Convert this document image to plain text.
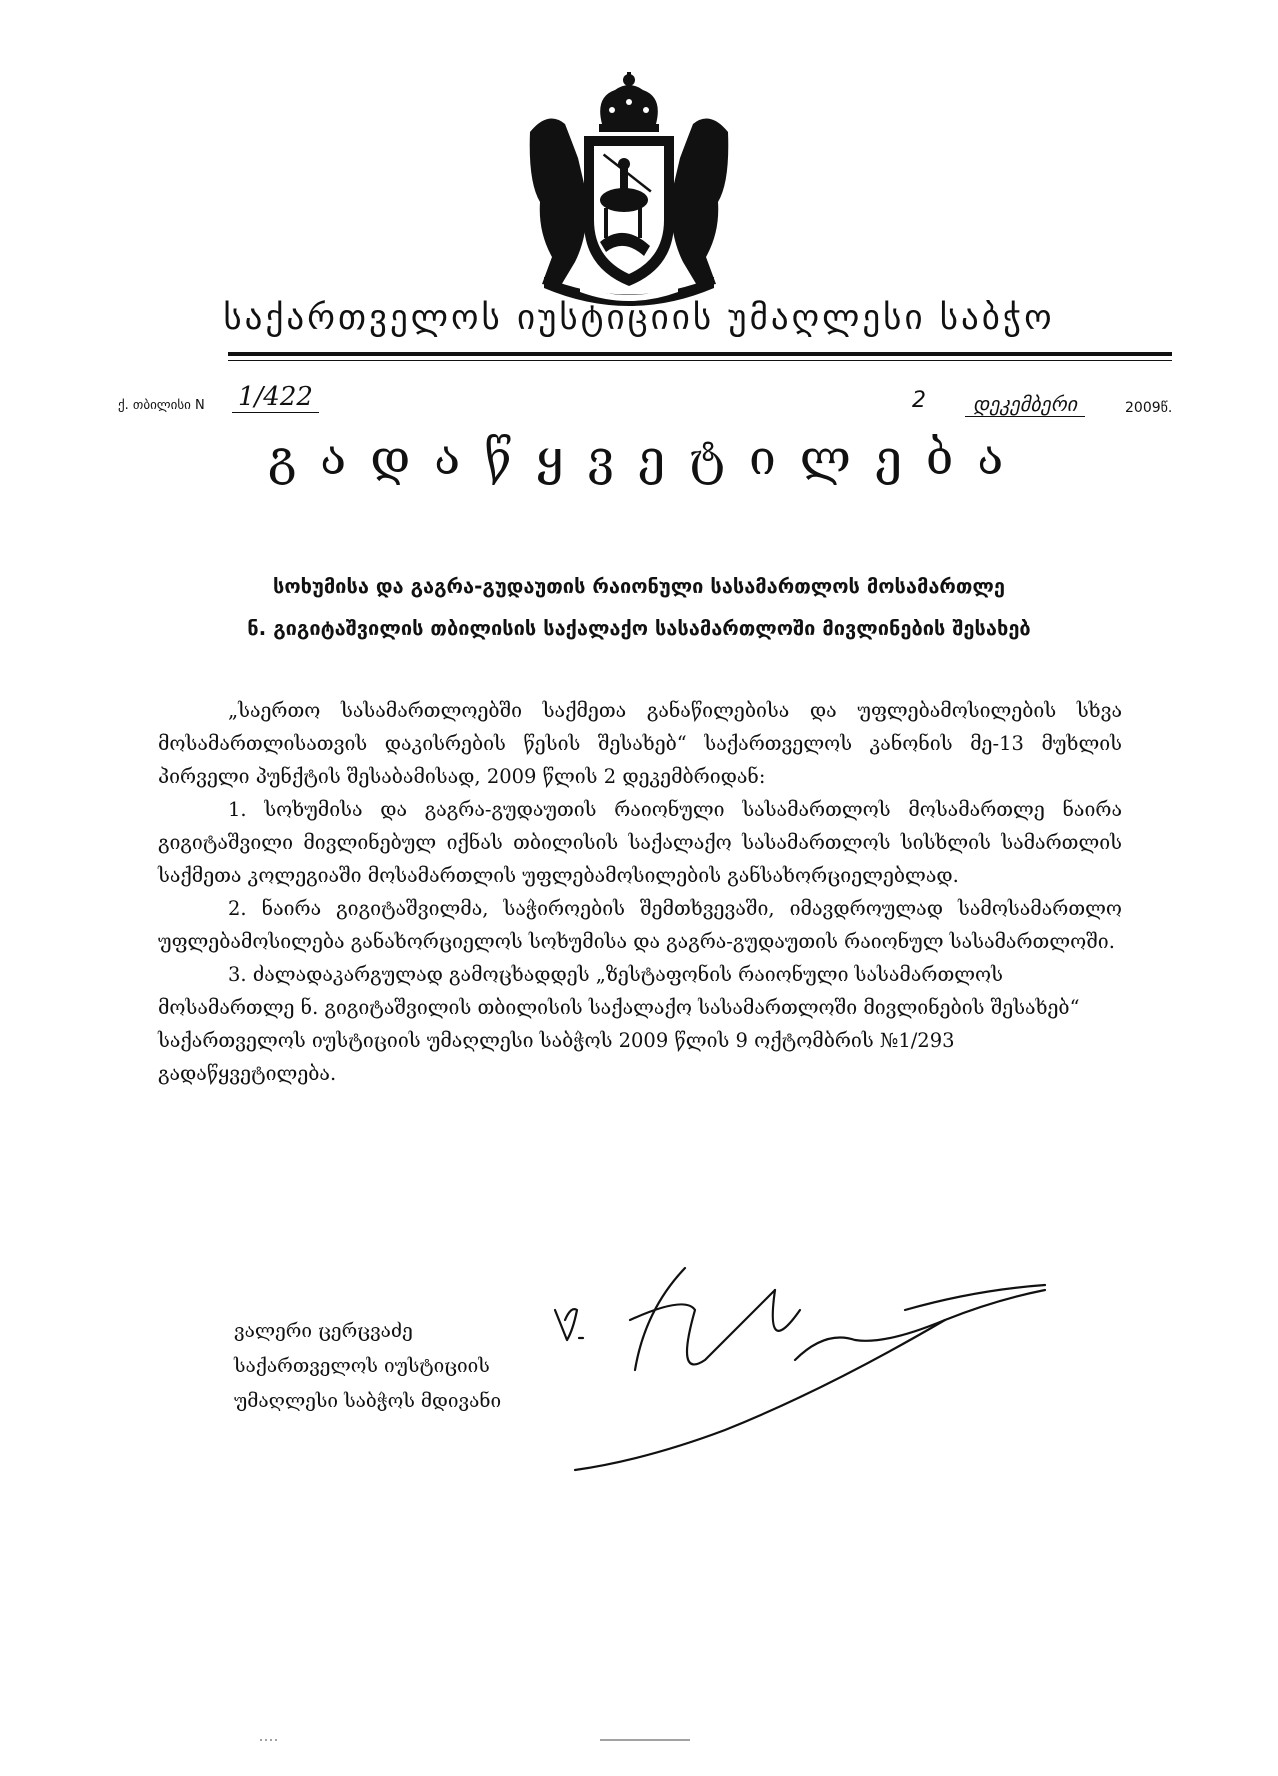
საქართველოს იუსტიციის უმაღლესი საბჭო
ქ. თბილისი N 1/422	2	დეკემბერი	2009წ.
გადაწყვეტილება
სოხუმისა და გაგრა-გუდაუთის რაიონული სასამართლოს მოსამართლე
ნ. გიგიტაშვილის თბილისის საქალაქო სასამართლოში მივლინების შესახებ

„საერთო სასამართლოებში საქმეთა განაწილებისა და უფლებამოსილების სხვა მოსამართლისათვის დაკისრების წესის შესახებ“ საქართველოს კანონის მე-13 მუხლის პირველი პუნქტის შესაბამისად, 2009 წლის 2 დეკემბრიდან:

1. სოხუმისა და გაგრა-გუდაუთის რაიონული სასამართლოს მოსამართლე ნაირა გიგიტაშვილი მივლინებულ იქნას თბილისის საქალაქო სასამართლოს სისხლის სამართლის საქმეთა კოლეგიაში მოსამართლის უფლებამოსილების განსახორციელებლად.

2. ნაირა გიგიტაშვილმა, საჭიროების შემთხვევაში, იმავდროულად სამოსამართლო უფლებამოსილება განახორციელოს სოხუმისა და გაგრა-გუდაუთის რაიონულ სასამართლოში.

3. ძალადაკარგულად გამოცხადდეს „ზესტაფონის რაიონული სასამართლოს მოსამართლე ნ. გიგიტაშვილის თბილისის საქალაქო სასამართლოში მივლინების შესახებ“ საქართველოს იუსტიციის უმაღლესი საბჭოს 2009 წლის 9 ოქტომბრის №1/293 გადაწყვეტილება.

ვალერი ცერცვაძე
საქართველოს იუსტიციის
უმაღლესი საბჭოს მდივანი
